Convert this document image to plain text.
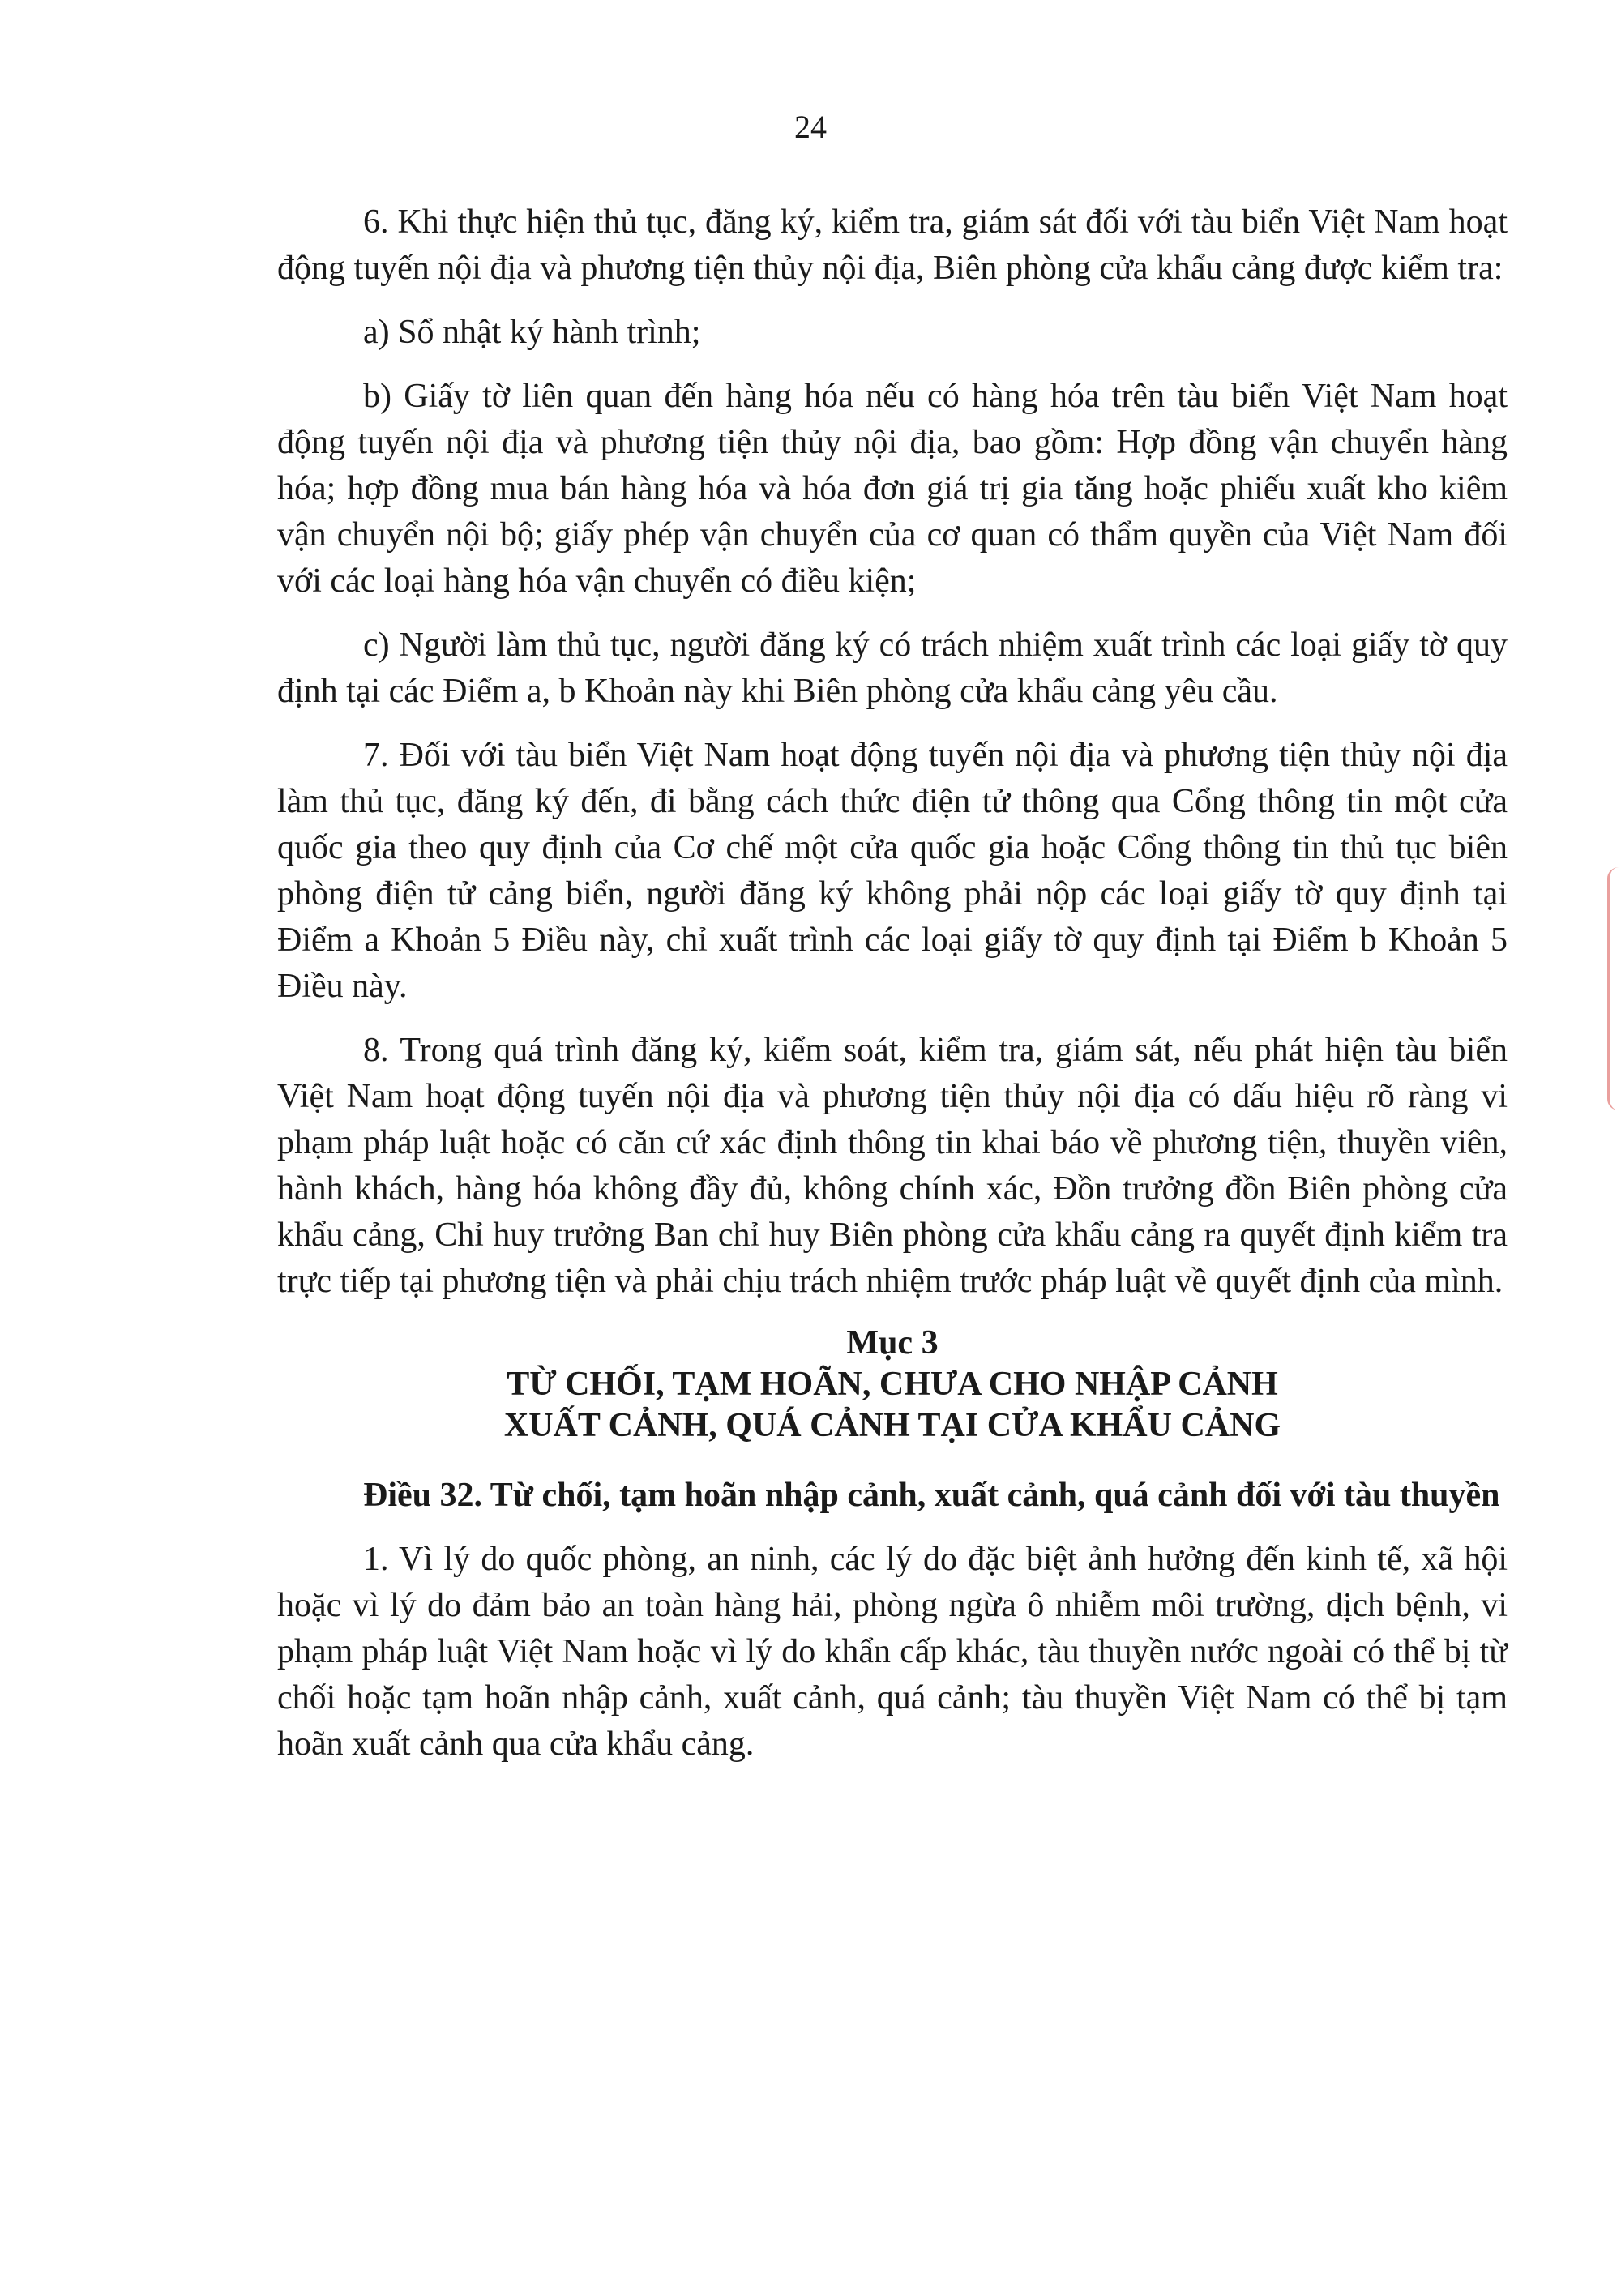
24

6. Khi thực hiện thủ tục, đăng ký, kiểm tra, giám sát đối với tàu biển Việt Nam hoạt động tuyến nội địa và phương tiện thủy nội địa, Biên phòng cửa khẩu cảng được kiểm tra:

a) Sổ nhật ký hành trình;

b) Giấy tờ liên quan đến hàng hóa nếu có hàng hóa trên tàu biển Việt Nam hoạt động tuyến nội địa và phương tiện thủy nội địa, bao gồm: Hợp đồng vận chuyển hàng hóa; hợp đồng mua bán hàng hóa và hóa đơn giá trị gia tăng hoặc phiếu xuất kho kiêm vận chuyển nội bộ; giấy phép vận chuyển của cơ quan có thẩm quyền của Việt Nam đối với các loại hàng hóa vận chuyển có điều kiện;

c) Người làm thủ tục, người đăng ký có trách nhiệm xuất trình các loại giấy tờ quy định tại các Điểm a, b Khoản này khi Biên phòng cửa khẩu cảng yêu cầu.

7. Đối với tàu biển Việt Nam hoạt động tuyến nội địa và phương tiện thủy nội địa làm thủ tục, đăng ký đến, đi bằng cách thức điện tử thông qua Cổng thông tin một cửa quốc gia theo quy định của Cơ chế một cửa quốc gia hoặc Cổng thông tin thủ tục biên phòng điện tử cảng biển, người đăng ký không phải nộp các loại giấy tờ quy định tại Điểm a Khoản 5 Điều này, chỉ xuất trình các loại giấy tờ quy định tại Điểm b Khoản 5 Điều này.

8. Trong quá trình đăng ký, kiểm soát, kiểm tra, giám sát, nếu phát hiện tàu biển Việt Nam hoạt động tuyến nội địa và phương tiện thủy nội địa có dấu hiệu rõ ràng vi phạm pháp luật hoặc có căn cứ xác định thông tin khai báo về phương tiện, thuyền viên, hành khách, hàng hóa không đầy đủ, không chính xác, Đồn trưởng đồn Biên phòng cửa khẩu cảng, Chỉ huy trưởng Ban chỉ huy Biên phòng cửa khẩu cảng ra quyết định kiểm tra trực tiếp tại phương tiện và phải chịu trách nhiệm trước pháp luật về quyết định của mình.

Mục 3
TỪ CHỐI, TẠM HOÃN, CHƯA CHO NHẬP CẢNH
XUẤT CẢNH, QUÁ CẢNH TẠI CỬA KHẨU CẢNG

Điều 32. Từ chối, tạm hoãn nhập cảnh, xuất cảnh, quá cảnh đối với tàu thuyền

1. Vì lý do quốc phòng, an ninh, các lý do đặc biệt ảnh hưởng đến kinh tế, xã hội hoặc vì lý do đảm bảo an toàn hàng hải, phòng ngừa ô nhiễm môi trường, dịch bệnh, vi phạm pháp luật Việt Nam hoặc vì lý do khẩn cấp khác, tàu thuyền nước ngoài có thể bị từ chối hoặc tạm hoãn nhập cảnh, xuất cảnh, quá cảnh; tàu thuyền Việt Nam có thể bị tạm hoãn xuất cảnh qua cửa khẩu cảng.
